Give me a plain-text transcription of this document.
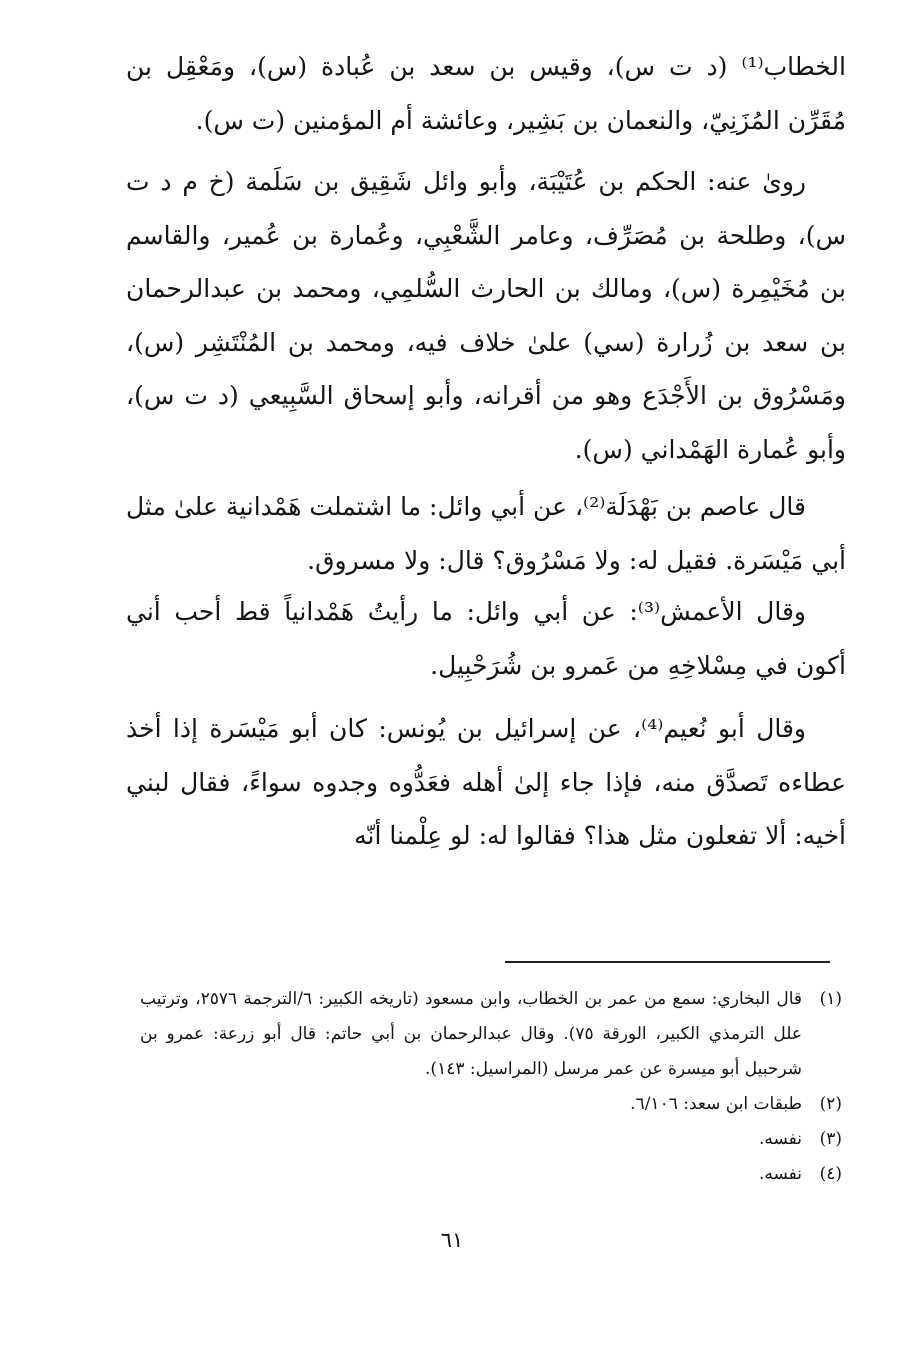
الخطاب⁽¹⁾ (د ت س)، وقيس بن سعد بن عُبادة (س)، ومَعْقِل بن مُقَرِّن المُزَنِيّ، والنعمان بن بَشِير، وعائشة أم المؤمنين (ت س).

رویٰ عنه: الحكم بن عُتَيْبَة، وأبو وائل شَقِيق بن سَلَمة (خ م د ت س)، وطلحة بن مُصَرِّف، وعامر الشَّعْبِي، وعُمارة بن عُمير، والقاسم بن مُخَيْمِرة (س)، ومالك بن الحارث السُّلمِي، ومحمد بن عبدالرحمان بن سعد بن زُرارة (سي) علىٰ خلاف فيه، ومحمد بن المُنْتَشِر (س)، ومَسْرُوق بن الأَجْدَع وهو من أقرانه، وأبو إسحاق السَّبِيعي (د ت س)، وأبو عُمارة الهَمْداني (س).

قال عاصم بن بَهْدَلَة⁽²⁾، عن أبي وائل: ما اشتملت هَمْدانية علىٰ مثل أبي مَيْسَرة. فقيل له: ولا مَسْرُوق؟ قال: ولا مسروق.

وقال الأعمش⁽³⁾: عن أبي وائل: ما رأيتُ هَمْدانياً قط أحب أني أكون في مِسْلاخِهِ من عَمرو بن شُرَحْبِيل.

وقال أبو نُعيم⁽⁴⁾، عن إسرائيل بن يُونس: كان أبو مَيْسَرة إذا أخذ عطاءه تَصدَّق منه، فإذا جاء إلىٰ أهله فعَدُّوه وجدوه سواءً، فقال لبني أخيه: ألا تفعلون مثل هذا؟ فقالوا له: لو عِلْمنا أنّه

(١)
قال البخاري: سمع من عمر بن الخطاب، وابن مسعود (تاريخه الكبير: ٦/الترجمة ٢٥٧٦، وترتيب علل الترمذي الكبير، الورقة ٧٥). وقال عبدالرحمان بن أبي حاتم: قال أبو زرعة: عمرو بن شرحبيل أبو ميسرة عن عمر مرسل (المراسيل: ١٤٣).
(٢)
طبقات ابن سعد: ٦/١٠٦.
(٣)
نفسه.
(٤)
نفسه.
٦١
